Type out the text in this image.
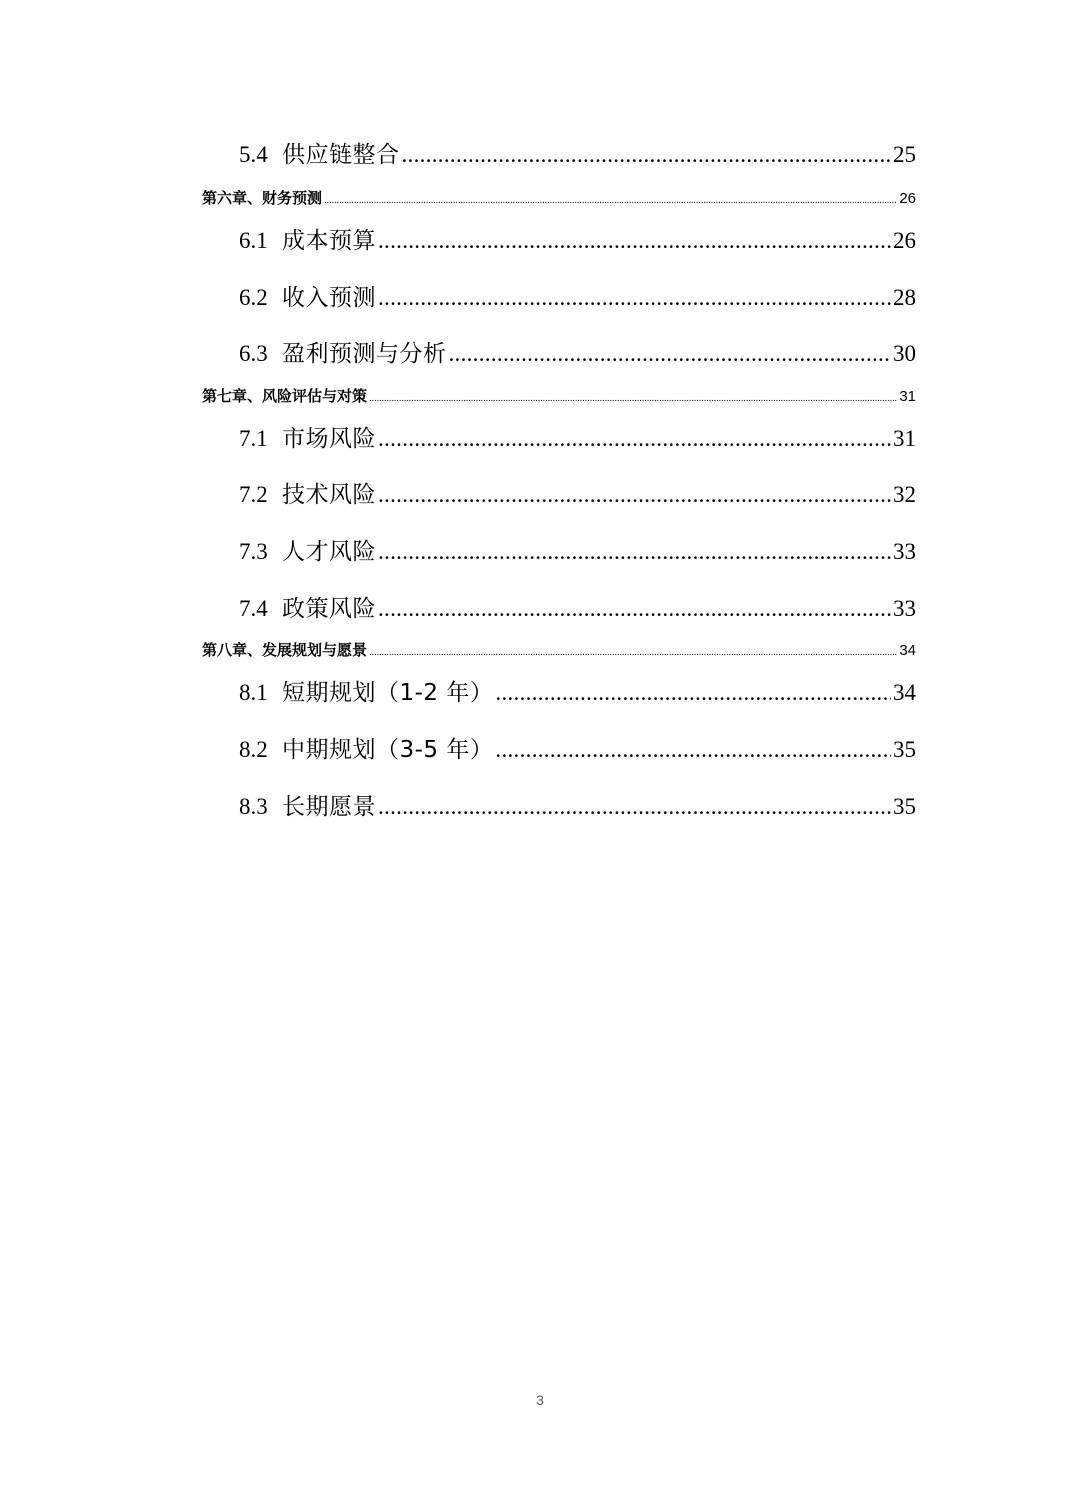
5.4 供应链整合 .....	25
第六章、财务预测 .....	26
6.1 成本预算 .....	26
6.2 收入预测 .....	28
6.3 盈利预测与分析 .....	30
第七章、风险评估与对策 .....	31
7.1 市场风险 .....	31
7.2 技术风险 .....	32
7.3 人才风险 .....	33
7.4 政策风险 .....	33
第八章、发展规划与愿景 .....	34
8.1 短期规划（1-2 年） .....	34
8.2 中期规划（3-5 年） .....	35
8.3 长期愿景 .....	35
3
